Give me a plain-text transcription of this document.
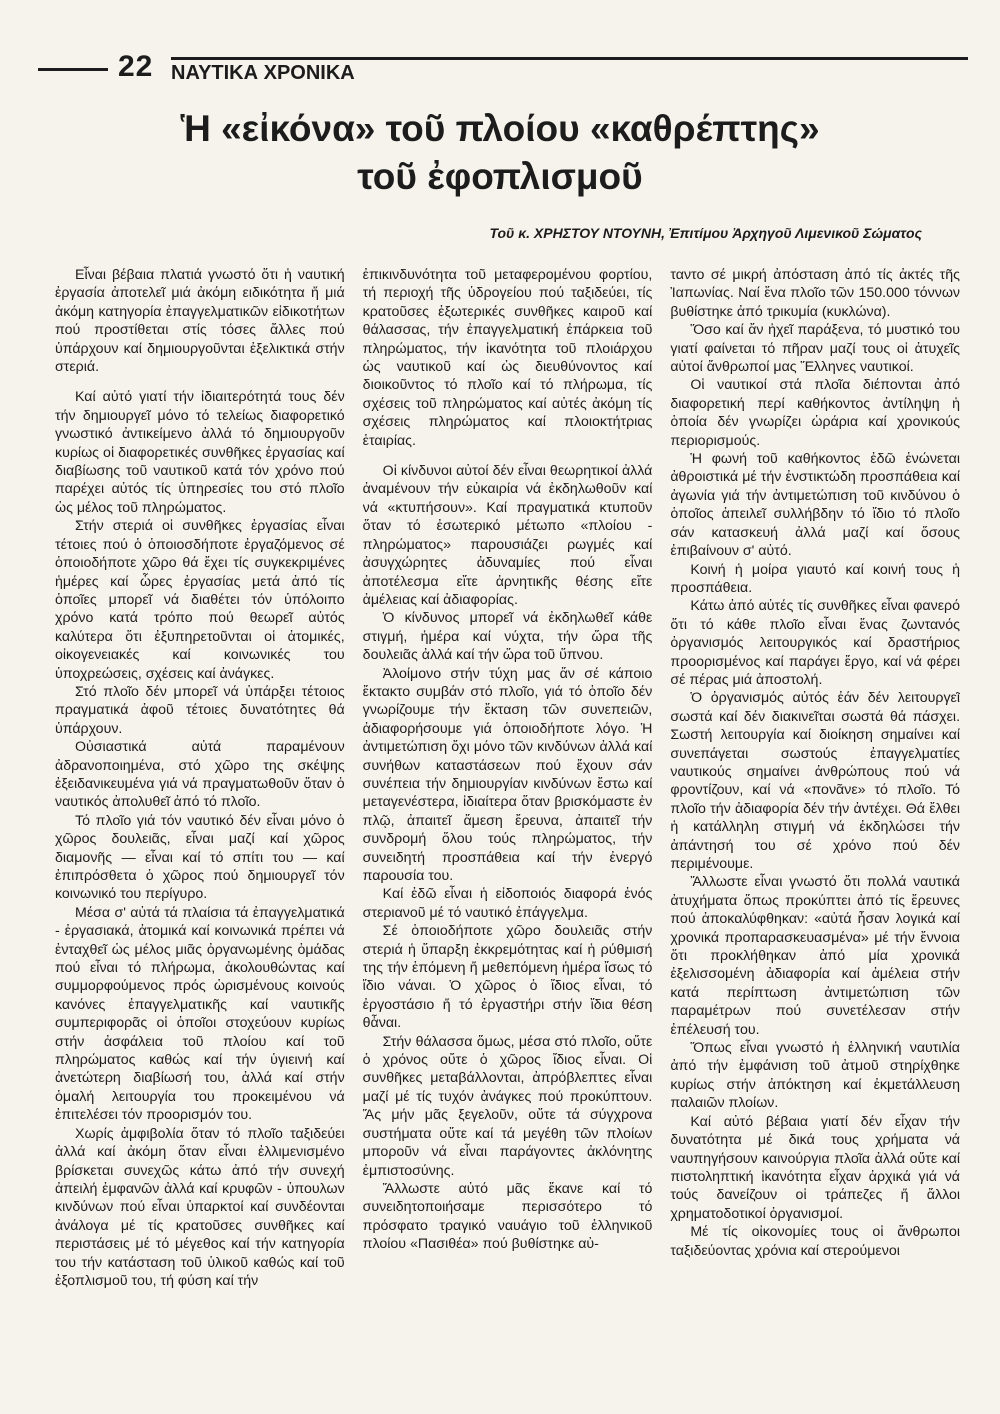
22 ΝΑΥΤΙΚΑ ΧΡΟΝΙΚΑ
Ἡ «εἰκόνα» τοῦ πλοίου «καθρέπτης»
τοῦ ἐφοπλισμοῦ
Τοῦ κ. ΧΡΗΣΤΟΥ ΝΤΟΥΝΗ, Ἐπιτίμου Ἀρχηγοῦ Λιμενικοῦ Σώματος

Εἶναι βέβαια πλατιά γνωστό ὅτι ἡ ναυτική ἐργασία ἀποτελεῖ μιά ἀκόμη ειδικότητα ἤ μιά ἀκόμη κατηγορία ἐπαγγελματικῶν εἰδικοτήτων πού προστίθεται στίς τόσες ἄλλες πού ὑπάρχουν καί δημιουργοῦνται ἐξελικτικά στήν στεριά.

Καί αὐτό γιατί τήν ἰδιαιτερότητά τους δέν τήν δημιουργεῖ μόνο τό τελείως διαφορετικό γνωστικό ἀντικείμενο ἀλλά τό δημιουργοῦν κυρίως οἱ διαφορετικές συνθῆκες ἐργασίας καί διαβίωσης τοῦ ναυτικοῦ κατά τόν χρόνο πού παρέχει αὐτός τίς ὑπηρεσίες του στό πλοῖο ὡς μέλος τοῦ πληρώματος.

Στήν στεριά οἱ συνθῆκες ἐργασίας εἶναι τέτοιες πού ὁ ὁποιοσδήποτε ἐργαζόμενος σέ ὁποιοδήποτε χῶρο θά ἔχει τίς συγκεκριμένες ἡμέρες καί ὧρες ἐργασίας μετά ἀπό τίς ὁποῖες μπορεῖ νά διαθέτει τόν ὑπόλοιπο χρόνο κατά τρόπο πού θεωρεῖ αὐτός καλύτερα ὅτι ἐξυπηρετοῦνται οἱ ἀτομικές, οἰκογενειακές καί κοινωνικές του ὑποχρεώσεις, σχέσεις καί ἀνάγκες.

Στό πλοῖο δέν μπορεῖ νά ὑπάρξει τέτοιος πραγματικά ἀφοῦ τέτοιες δυνατότητες θά ὑπάρχουν.

Οὐσιαστικά αὐτά παραμένουν ἀδρανοποιημένα, στό χῶρο της σκέψης ἐξειδανικευμένα γιά νά πραγματωθοῦν ὅταν ὁ ναυτικός ἀπολυθεῖ ἀπό τό πλοῖο.

Τό πλοῖο γιά τόν ναυτικό δέν εἶναι μόνο ὁ χῶρος δουλειᾶς, εἶναι μαζί καί χῶρος διαμονῆς — εἶναι καί τό σπίτι του — καί ἐπιπρόσθετα ὁ χῶρος πού δημιουργεῖ τόν κοινωνικό του περίγυρο.

Μέσα σ' αὐτά τά πλαίσια τά ἐπαγγελματικά - ἐργασιακά, ἀτομικά καί κοινωνικά πρέπει νά ἐνταχθεῖ ὡς μέλος μιᾶς ὀργανωμένης ὁμάδας πού εἶναι τό πλήρωμα, ἀκολουθώντας καί συμμορφούμενος πρός ὡρισμένους κοινούς κανόνες ἐπαγγελματικῆς καί ναυτικῆς συμπεριφορᾶς οἱ ὁποῖοι στοχεύουν κυρίως στήν ἀσφάλεια τοῦ πλοίου καί τοῦ πληρώματος καθώς καί τήν ὑγιεινή καί ἀνετώτερη διαβίωσή του, ἀλλά καί στήν ὁμαλή λειτουργία του προκειμένου νά ἐπιτελέσει τόν προορισμόν του.

Χωρίς ἀμφιβολία ὅταν τό πλοῖο ταξιδεύει ἀλλά καί ἀκόμη ὅταν εἶναι ἐλλιμενισμένο βρίσκεται συνεχῶς κάτω ἀπό τήν συνεχή ἀπειλή ἐμφανῶν ἀλλά καί κρυφῶν - ὑπουλων κινδύνων πού εἶναι ὑπαρκτοί καί συνδέονται ἀνάλογα μέ τίς κρατοῦσες συνθῆκες καί περιστάσεις μέ τό μέγεθος καί τήν κατηγορία του τήν κατάσταση τοῦ ὑλικοῦ καθώς καί τοῦ ἐξοπλισμοῦ του, τή φύση καί τήν

ἐπικινδυνότητα τοῦ μεταφερομένου φορτίου, τή περιοχή τῆς ὑδρογείου πού ταξιδεύει, τίς κρατοῦσες ἐξωτερικές συνθῆκες καιροῦ καί θάλασσας, τήν ἐπαγγελματική ἐπάρκεια τοῦ πληρώματος, τήν ἱκανότητα τοῦ πλοιάρχου ὡς ναυτικοῦ καί ὡς διευθύνοντος καί διοικοῦντος τό πλοῖο καί τό πλήρωμα, τίς σχέσεις τοῦ πληρώματος καί αὐτές ἀκόμη τίς σχέσεις πληρώματος καί πλοιοκτήτριας ἑταιρίας.

Οἱ κίνδυνοι αὐτοί δέν εἶναι θεωρητικοί ἀλλά ἀναμένουν τήν εὐκαιρία νά ἐκδηλωθοῦν καί νά «κτυπήσουν». Καί πραγματικά κτυποῦν ὅταν τό ἐσωτερικό μέτωπο «πλοίου - πληρώματος» παρουσιάζει ρωγμές καί ἀσυγχώρητες ἀδυναμίες πού εἶναι ἀποτέλεσμα εἴτε ἀρνητικῆς θέσης εἴτε ἀμέλειας καί ἀδιαφορίας.

Ὁ κίνδυνος μπορεῖ νά ἐκδηλωθεῖ κάθε στιγμή, ἡμέρα καί νύχτα, τήν ὥρα τῆς δουλειᾶς ἀλλά καί τήν ὥρα τοῦ ὕπνου.

Ἀλοίμονο στήν τύχη μας ἄν σέ κάποιο ἔκτακτο συμβάν στό πλοῖο, γιά τό ὁποῖο δέν γνωρίζουμε τήν ἔκταση τῶν συνεπειῶν, ἀδιαφορήσουμε γιά ὁποιοδήποτε λόγο. Ἡ ἀντιμετώπιση ὄχι μόνο τῶν κινδύνων ἀλλά καί συνήθων καταστάσεων πού ἔχουν σάν συνέπεια τήν δημιουργίαν κινδύνων ἔστω καί μεταγενέστερα, ἰδιαίτερα ὅταν βρισκόμαστε ἐν πλῷ, ἀπαιτεῖ ἄμεση ἔρευνα, ἀπαιτεῖ τήν συνδρομή ὅλου τούς πληρώματος, τήν συνειδητή προσπάθεια καί τήν ἐνεργό παρουσία του.

Καί ἐδῶ εἶναι ἡ εἰδοποιός διαφορά ἑνός στεριανοῦ μέ τό ναυτικό ἐπάγγελμα.

Σέ ὁποιοδήποτε χῶρο δουλειᾶς στήν στεριά ἡ ὕπαρξη ἐκκρεμότητας καί ἡ ρύθμισή της τήν ἑπόμενη ἤ μεθεπόμενη ἡμέρα ἴσως τό ἴδιο νάναι. Ὁ χῶρος ὁ ἴδιος εἶναι, τό ἐργοστάσιο ἤ τό ἐργαστήρι στήν ἴδια θέση θἆναι.

Στήν θάλασσα ὅμως, μέσα στό πλοῖο, οὔτε ὁ χρόνος οὔτε ὁ χῶρος ἴδιος εἶναι. Οἱ συνθῆκες μεταβάλλονται, ἀπρόβλεπτες εἶναι μαζί μέ τίς τυχόν ἀνάγκες πού προκύπτουν. Ἄς μήν μᾶς ξεγελοῦν, οὔτε τά σύγχρονα συστήματα οὔτε καί τά μεγέθη τῶν πλοίων μποροῦν νά εἶναι παράγοντες ἀκλόνητης ἐμπιστοσύνης.

Ἄλλωστε αὐτό μᾶς ἔκανε καί τό συνειδητοποιήσαμε περισσότερο τό πρόσφατο τραγικό ναυάγιο τοῦ ἑλληνικοῦ πλοίου «Πασιθέα» πού βυθίστηκε αὐ-

ταντο σέ μικρή ἀπόσταση ἀπό τίς ἀκτές τῆς Ἰαπωνίας. Ναί ἕνα πλοῖο τῶν 150.000 τόννων βυθίστηκε ἀπό τρικυμία (κυκλώνα).

Ὅσο καί ἄν ἠχεῖ παράξενα, τό μυστικό του γιατί φαίνεται τό πῆραν μαζί τους οἱ ἀτυχεῖς αὐτοί ἄνθρωποί μας Ἕλληνες ναυτικοί.

Οἱ ναυτικοί στά πλοῖα διέπονται ἀπό διαφορετική περί καθήκοντος ἀντίληψη ἡ ὁποία δέν γνωρίζει ὡράρια καί χρονικούς περιορισμούς.

Ἡ φωνή τοῦ καθήκοντος ἐδῶ ἑνώνεται ἀθροιστικά μέ τήν ἐνστικτώδη προσπάθεια καί ἀγωνία γιά τήν ἀντιμετώπιση τοῦ κινδύνου ὁ ὁποῖος ἀπειλεῖ συλλήβδην τό ἴδιο τό πλοῖο σάν κατασκευή ἀλλά μαζί καί ὅσους ἐπιβαίνουν σ' αὐτό.

Κοινή ἡ μοίρα γιαυτό καί κοινή τους ἡ προσπάθεια.

Κάτω ἀπό αὐτές τίς συνθῆκες εἶναι φανερό ὅτι τό κάθε πλοῖο εἶναι ἕνας ζωντανός ὀργανισμός λειτουργικός καί δραστήριος προορισμένος καί παράγει ἔργο, καί νά φέρει σέ πέρας μιά ἀποστολή.

Ὁ ὀργανισμός αὐτός ἐάν δέν λειτουργεῖ σωστά καί δέν διακινεῖται σωστά θά πάσχει. Σωστή λειτουργία καί διοίκηση σημαίνει καί συνεπάγεται σωστούς ἐπαγγελματίες ναυτικούς σημαίνει ἀνθρώπους πού νά φροντίζουν, καί νά «πονᾶνε» τό πλοῖο. Τό πλοῖο τήν ἀδιαφορία δέν τήν ἀντέχει. Θά ἔλθει ἡ κατάλληλη στιγμή νά ἐκδηλώσει τήν ἀπάντησή του σέ χρόνο πού δέν περιμένουμε.

Ἄλλωστε εἶναι γνωστό ὅτι πολλά ναυτικά ἀτυχήματα ὅπως προκύπτει ἀπό τίς ἔρευνες πού ἀποκαλύφθηκαν: «αὐτά ἦσαν λογικά καί χρονικά προπαρασκευασμένα» μέ τήν ἔννοια ὅτι προκλήθηκαν ἀπό μία χρονικά ἐξελισσομένη ἀδιαφορία καί ἀμέλεια στήν κατά περίπτωση ἀντιμετώπιση τῶν παραμέτρων πού συνετέλεσαν στήν ἐπέλευσή του.

Ὅπως εἶναι γνωστό ἡ ἑλληνική ναυτιλία ἀπό τήν ἐμφάνιση τοῦ ἀτμοῦ στηρίχθηκε κυρίως στήν ἀπόκτηση καί ἐκμετάλλευση παλαιῶν πλοίων.

Καί αὐτό βέβαια γιατί δέν εἶχαν τήν δυνατότητα μέ δικά τους χρήματα νά ναυπηγήσουν καινούργια πλοῖα ἀλλά οὔτε καί πιστοληπτική ἱκανότητα εἶχαν ἀρχικά γιά νά τούς δανείζουν οἱ τράπεζες ἤ ἄλλοι χρηματοδοτικοί ὀργανισμοί.

Μέ τίς οἰκονομίες τους οἱ ἄνθρωποι ταξιδεύοντας χρόνια καί στερούμενοι
